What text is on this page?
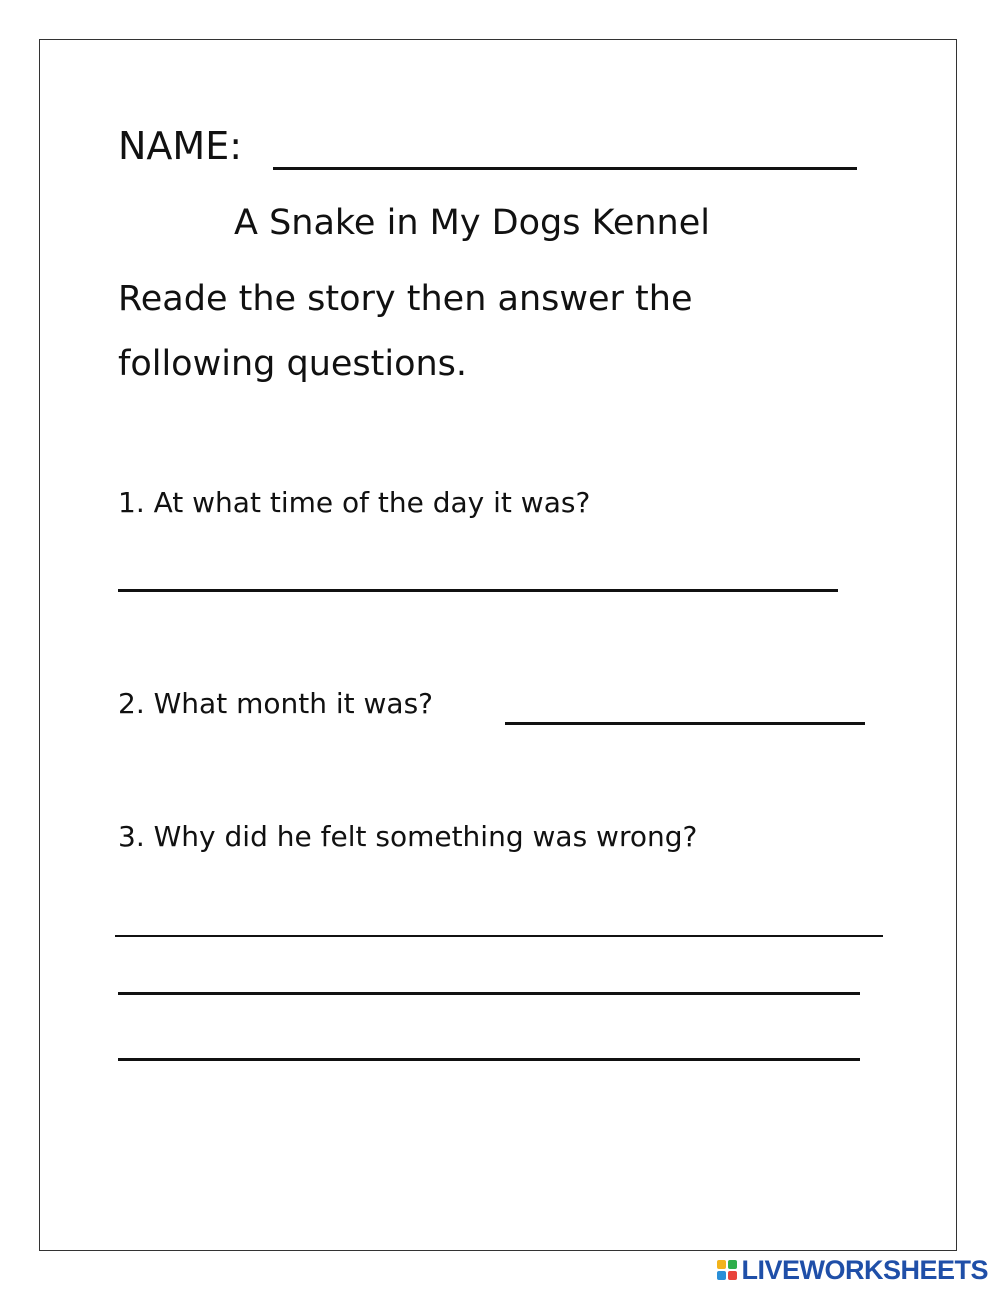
NAME:
A Snake in My Dogs Kennel
Reade the story then answer the
following questions.
1. At what time of the day it was?
2. What month it was?
3. Why did he felt something was wrong?
LIVEWORKSHEETS
